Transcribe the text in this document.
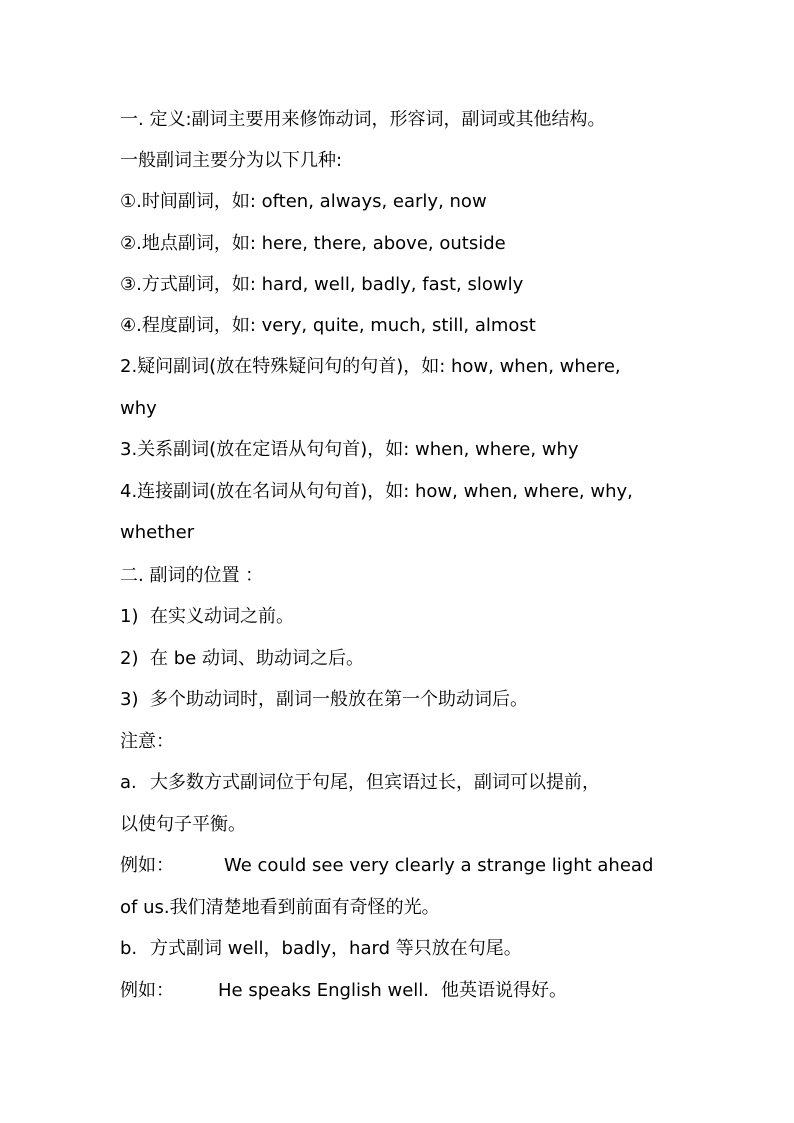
一. 定义:副词主要用来修饰动词，形容词，副词或其他结构。
一般副词主要分为以下几种:
①.时间副词，如: often, always, early, now
②.地点副词，如: here, there, above, outside
③.方式副词，如: hard, well, badly, fast, slowly
④.程度副词，如: very, quite, much, still, almost
2.疑问副词(放在特殊疑问句的句首)，如: how, when, where,
why
3.关系副词(放在定语从句句首)，如: when, where, why
4.连接副词(放在名词从句句首)，如: how, when, where, why,
whether
二. 副词的位置 ：
1) 在实义动词之前。
2) 在 be 动词、助动词之后。
3) 多个助动词时，副词一般放在第一个助动词后。
注意：
a. 大多数方式副词位于句尾，但宾语过长，副词可以提前，
以使句子平衡。
例如：	We could see very clearly a strange light ahead
of us.我们清楚地看到前面有奇怪的光。
b. 方式副词 well，badly，hard 等只放在句尾。
例如： He speaks English well. 他英语说得好。
